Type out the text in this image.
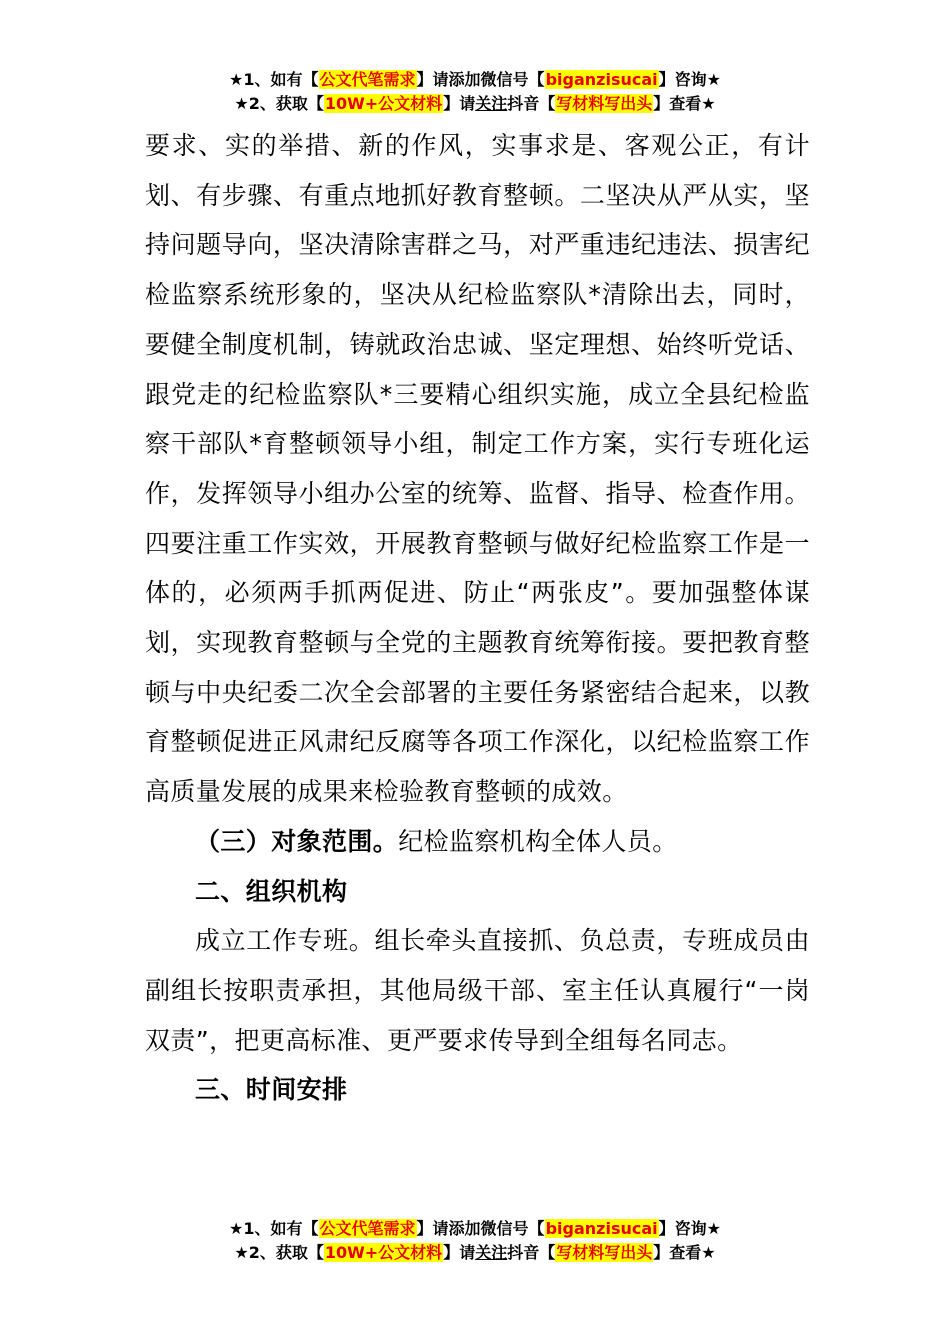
★1、如有【公文代笔需求】请添加微信号【biganzisucai】咨询★
★2、获取【10W+公文材料】请关注抖音【写材料写出头】查看★

要求、实的举措、新的作风，实事求是、客观公正，有计划、有步骤、有重点地抓好教育整顿。二坚决从严从实，坚持问题导向，坚决清除害群之马，对严重违纪违法、损害纪检监察系统形象的，坚决从纪检监察队*清除出去，同时，要健全制度机制，铸就政治忠诚、坚定理想、始终听党话、跟党走的纪检监察队*三要精心组织实施，成立全县纪检监察干部队*育整顿领导小组，制定工作方案，实行专班化运作，发挥领导小组办公室的统筹、监督、指导、检查作用。四要注重工作实效，开展教育整顿与做好纪检监察工作是一体的，必须两手抓两促进、防止“两张皮”。要加强整体谋划，实现教育整顿与全党的主题教育统筹衔接。要把教育整顿与中央纪委二次全会部署的主要任务紧密结合起来，以教育整顿促进正风肃纪反腐等各项工作深化，以纪检监察工作高质量发展的成果来检验教育整顿的成效。

（三）对象范围。纪检监察机构全体人员。

二、组织机构

成立工作专班。组长牵头直接抓、负总责，专班成员由副组长按职责承担，其他局级干部、室主任认真履行“一岗双责”，把更高标准、更严要求传导到全组每名同志。

三、时间安排

★1、如有【公文代笔需求】请添加微信号【biganzisucai】咨询★
★2、获取【10W+公文材料】请关注抖音【写材料写出头】查看★
